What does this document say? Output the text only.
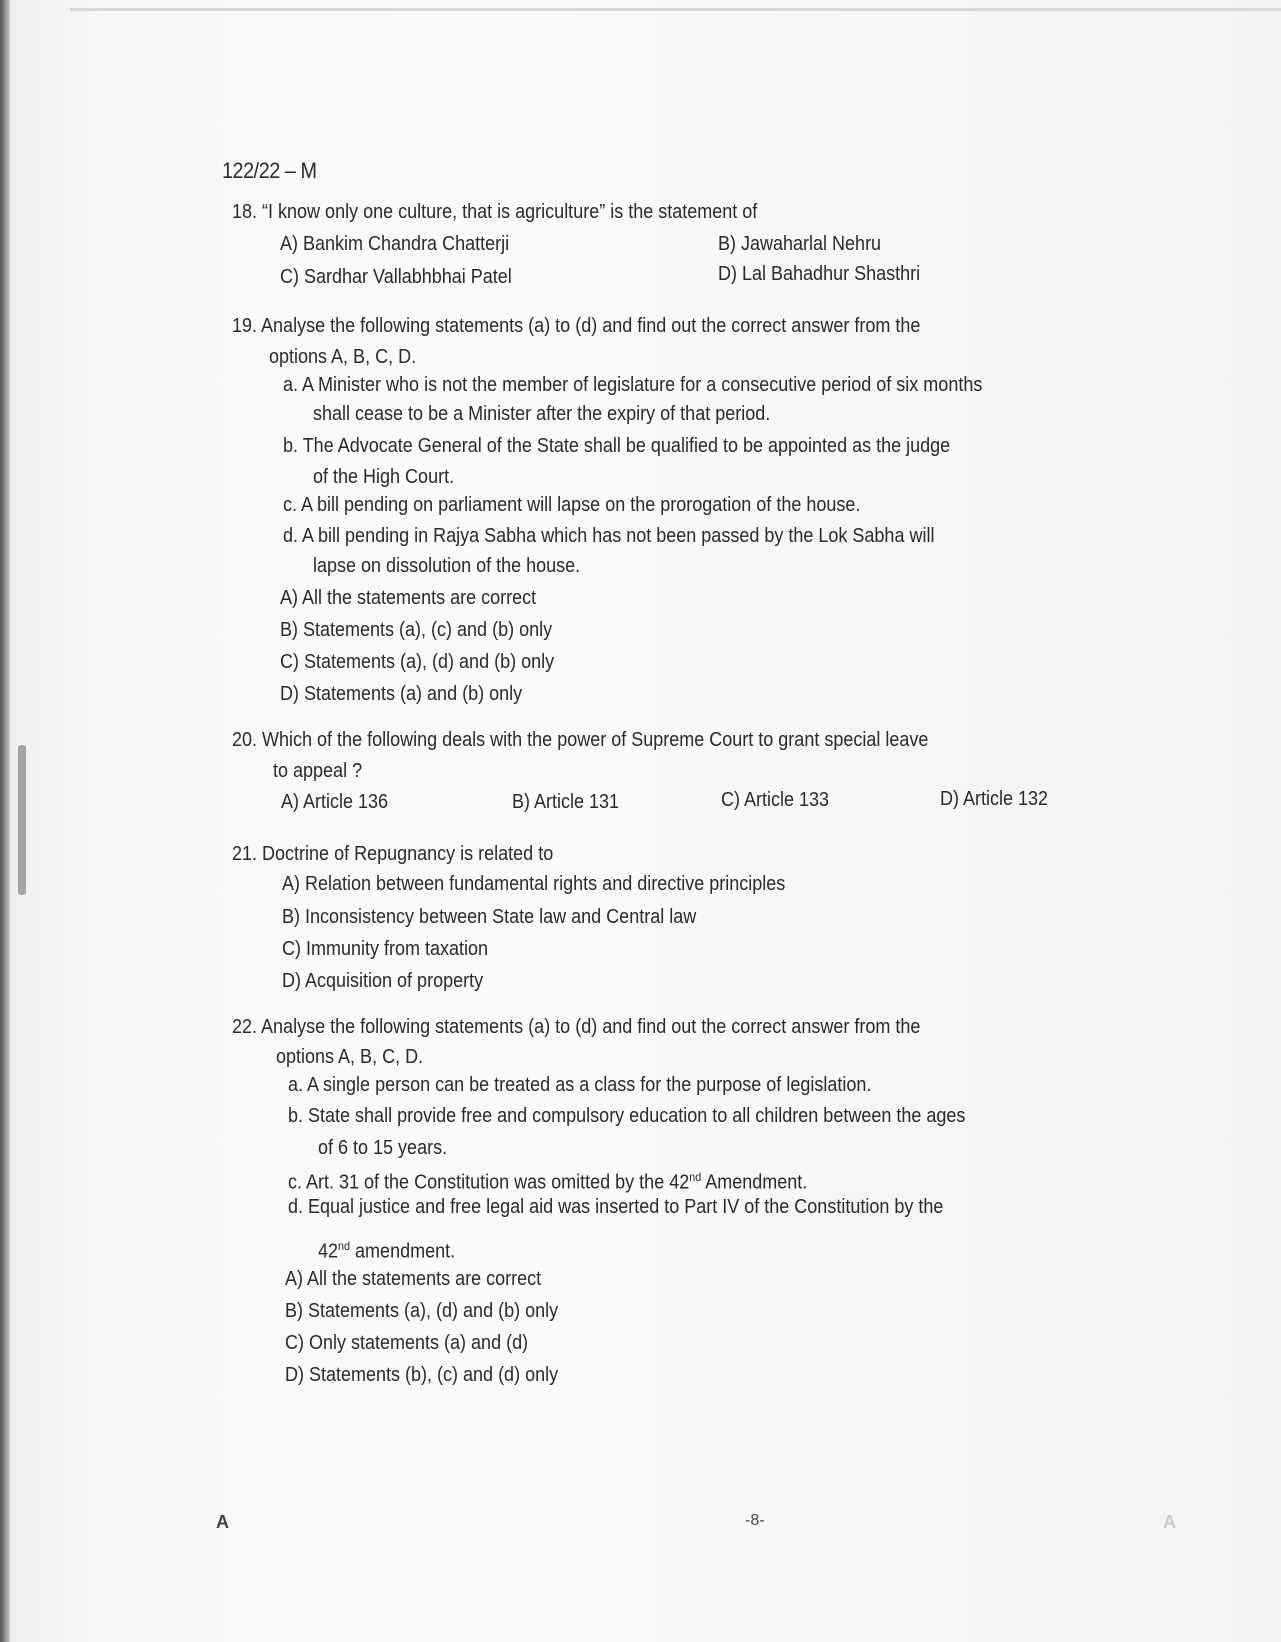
122/22 – M
18. “I know only one culture, that is agriculture” is the statement of
A) Bankim Chandra Chatterji	B) Jawaharlal Nehru
C) Sardhar Vallabhbhai Patel	D) Lal Bahadhur Shasthri
19. Analyse the following statements (a) to (d) and find out the correct answer from the
options A, B, C, D.
a. A Minister who is not the member of legislature for a consecutive period of six months
shall cease to be a Minister after the expiry of that period.
b. The Advocate General of the State shall be qualified to be appointed as the judge
of the High Court.
c. A bill pending on parliament will lapse on the prorogation of the house.
d. A bill pending in Rajya Sabha which has not been passed by the Lok Sabha will
lapse on dissolution of the house.
A) All the statements are correct
B) Statements (a), (c) and (b) only
C) Statements (a), (d) and (b) only
D) Statements (a) and (b) only
20. Which of the following deals with the power of Supreme Court to grant special leave
to appeal ?
A) Article 136	B) Article 131	C) Article 133	D) Article 132
21. Doctrine of Repugnancy is related to
A) Relation between fundamental rights and directive principles
B) Inconsistency between State law and Central law
C) Immunity from taxation
D) Acquisition of property
22. Analyse the following statements (a) to (d) and find out the correct answer from the
options A, B, C, D.
a. A single person can be treated as a class for the purpose of legislation.
b. State shall provide free and compulsory education to all children between the ages
of 6 to 15 years.
c. Art. 31 of the Constitution was omitted by the 42nd Amendment.
d. Equal justice and free legal aid was inserted to Part IV of the Constitution by the
42nd amendment.
A) All the statements are correct
B) Statements (a), (d) and (b) only
C) Only statements (a) and (d)
D) Statements (b), (c) and (d) only
A	-8-	A
